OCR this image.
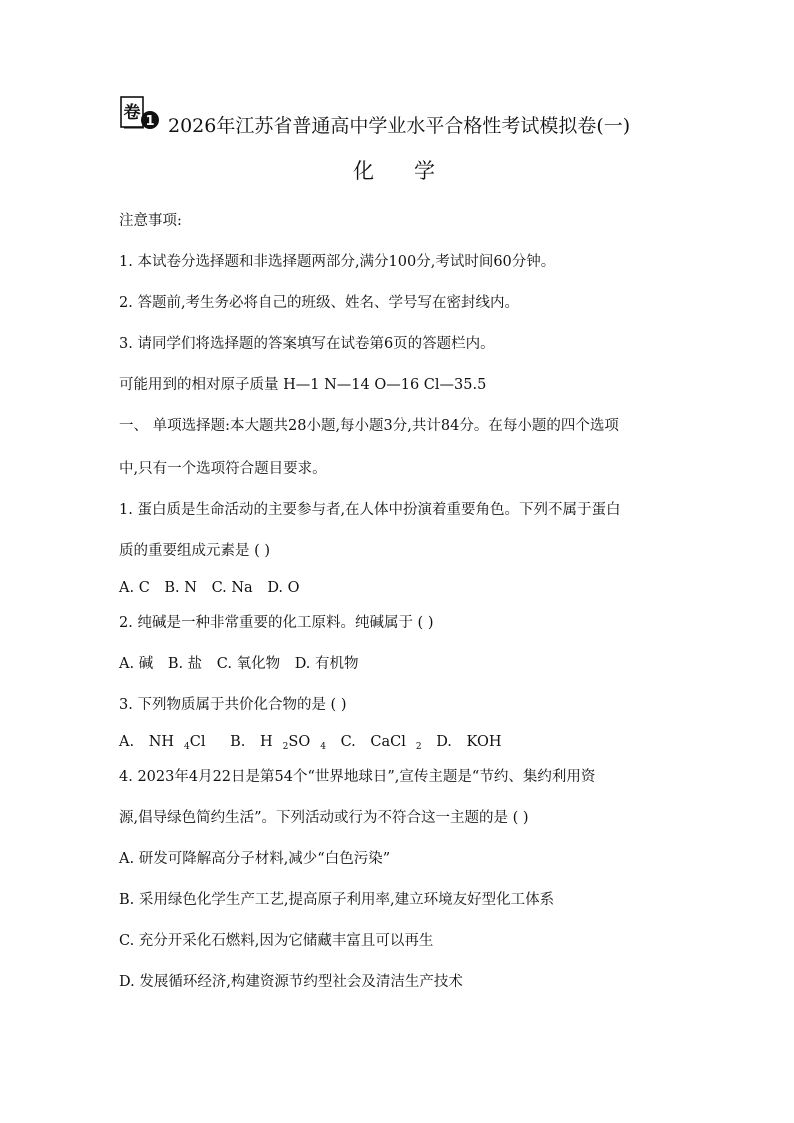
卷 1 2026年江苏省普通高中学业水平合格性考试模拟卷(一)
化学
注意事项:
1. 本试卷分选择题和非选择题两部分,满分100分,考试时间60分钟。
2. 答题前,考生务必将自己的班级、姓名、学号写在密封线内。
3. 请同学们将选择题的答案填写在试卷第6页的答题栏内。
可能用到的相对原子质量 H—1 N—14 O—16 Cl—35.5
一、 单项选择题:本大题共28小题,每小题3分,共计84分。在每小题的四个选项
中,只有一个选项符合题目要求。
1. 蛋白质是生命活动的主要参与者,在人体中扮演着重要角色。下列不属于蛋白
质的重要组成元素是 ( )
A. C B. N C. Na D. O
2. 纯碱是一种非常重要的化工原料。纯碱属于 ( )
A. 碱 B. 盐 C. 氧化物 D. 有机物
3. 下列物质属于共价化合物的是 ( )
A. NH $_4$Cl B. H $_2$SO $_4$ C. CaCl $_2$ D. KOH
4. 2023年4月22日是第54个“世界地球日”,宣传主题是“节约、集约利用资
源,倡导绿色简约生活”。下列活动或行为不符合这一主题的是 ( )
A. 研发可降解高分子材料,减少“白色污染”
B. 采用绿色化学生产工艺,提高原子利用率,建立环境友好型化工体系
C. 充分开采化石燃料,因为它储藏丰富且可以再生
D. 发展循环经济,构建资源节约型社会及清洁生产技术
